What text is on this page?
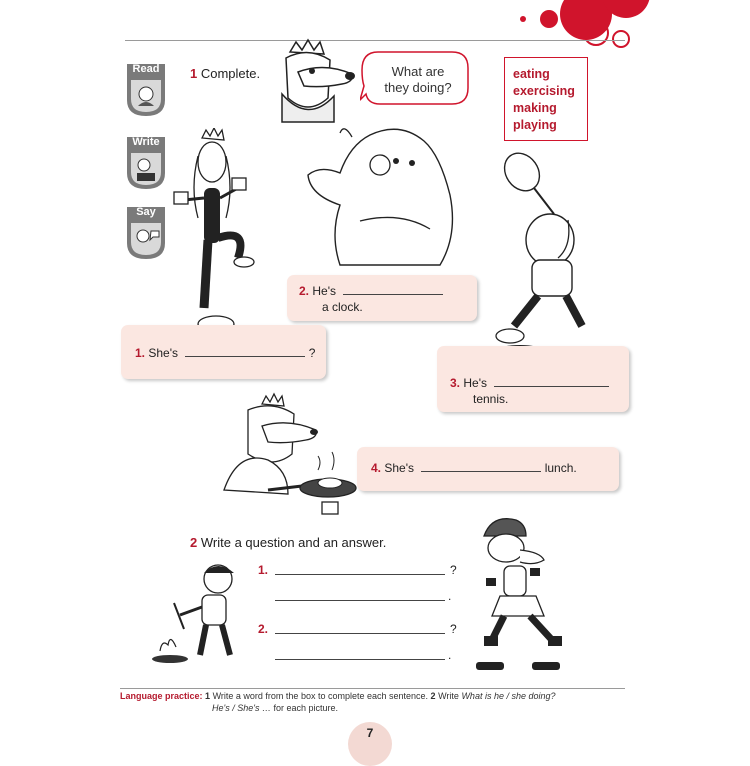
Read
Write
Say
1 Complete.	What are
they doing?
eating
exercising
making
playing
2. He's
a clock.
1. She's	?
3. He's
tennis.
4. She's	lunch.
2 Write a question and an answer.
1.	?
.
2.	?
.
Language practice: 1 Write a word from the box to complete each sentence. 2 Write What is he / she doing?
He's / She's … for each picture.
7
